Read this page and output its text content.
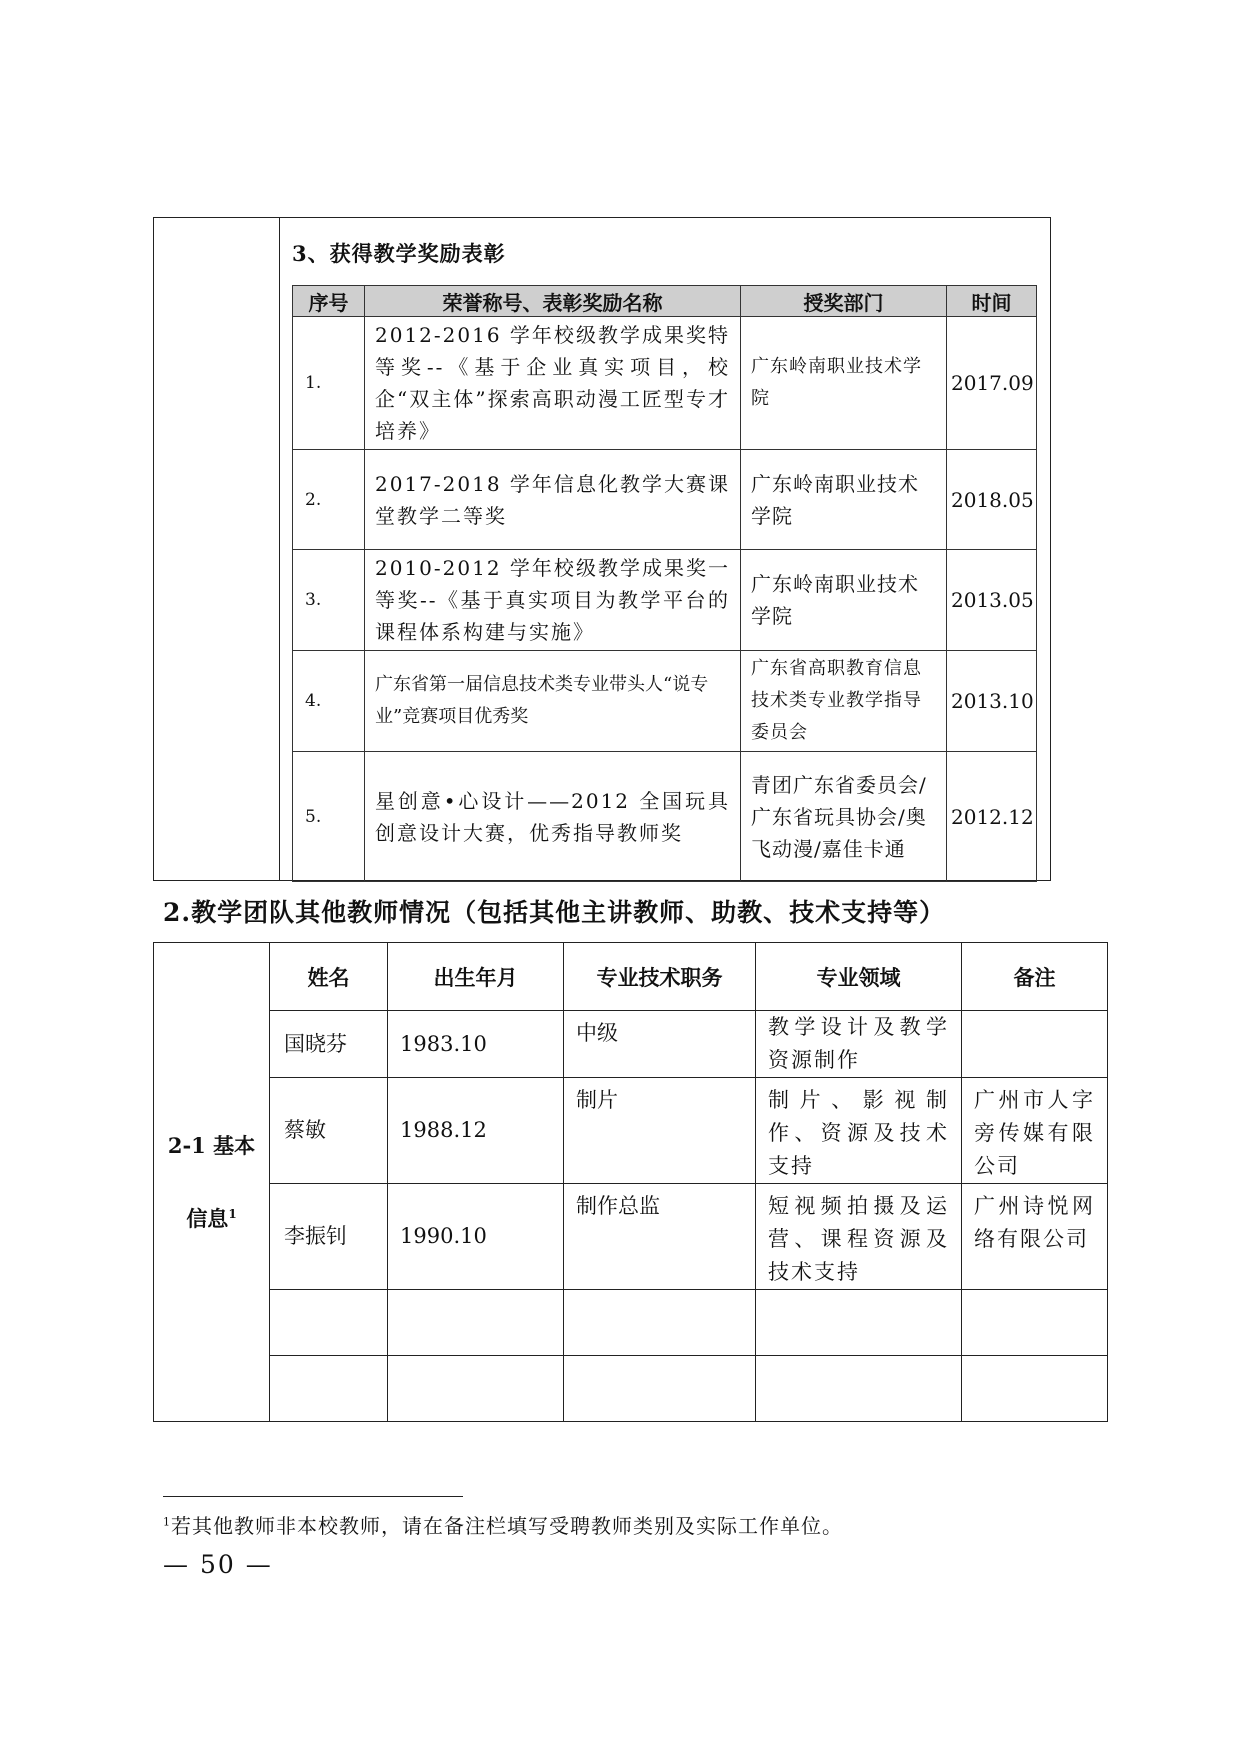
3、获得教学奖励表彰
序号	荣誉称号、表彰奖励名称	授奖部门	时间
1.	2012-2016 学年校级教学成果奖特等奖--《基于企业真实项目，校企“双主体”探索高职动漫工匠型专才培养》	广东岭南职业技术学院	2017.09
2.	2017-2018 学年信息化教学大赛课堂教学二等奖	广东岭南职业技术学院	2018.05
3.	2010-2012 学年校级教学成果奖一等奖--《基于真实项目为教学平台的课程体系构建与实施》	广东岭南职业技术学院	2013.05
4.	广东省第一届信息技术类专业带头人“说专业”竞赛项目优秀奖	广东省高职教育信息技术类专业教学指导委员会	2013.10
5.	星创意•心设计——2012 全国玩具创意设计大赛，优秀指导教师奖	青团广东省委员会/广东省玩具协会/奥飞动漫/嘉佳卡通	2012.12
2.教学团队其他教师情况（包括其他主讲教师、助教、技术支持等）
2-1 基本信息$^1$	姓名	出生年月	专业技术职务	专业领域	备注
	国晓芬	1983.10	中级	教学设计及教学资源制作	
	蔡敏	1988.12	制片	制片、影视制作、资源及技术支持	广州市人字旁传媒有限公司
	李振钊	1990.10	制作总监	短视频拍摄及运营、课程资源及技术支持	广州诗悦网络有限公司

$^1$若其他教师非本校教师，请在备注栏填写受聘教师类别及实际工作单位。
— 50 —
